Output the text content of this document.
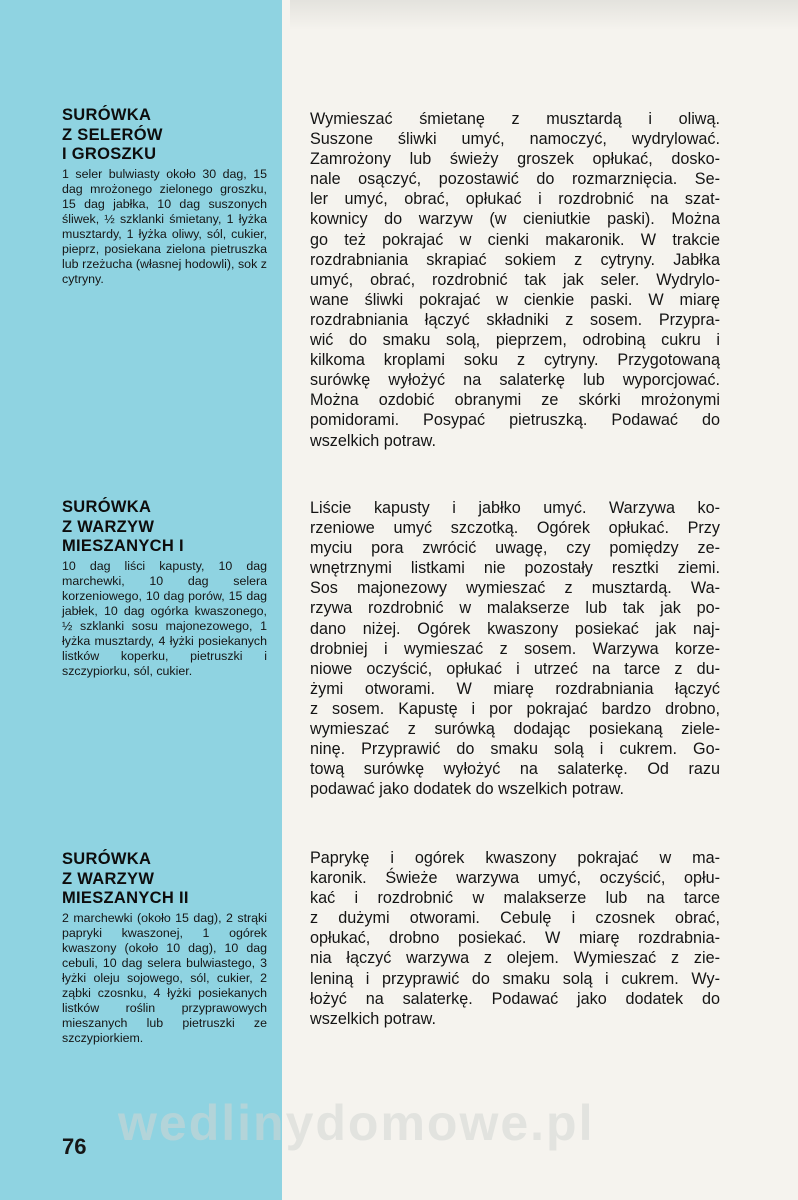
SURÓWKA
Z SELERÓW
I GROSZKU
1 seler bulwiasty około 30 dag, 15 dag mrożonego zielonego groszku, 15 dag jabłka, 10 dag suszonych śliwek, ½ szklanki śmietany, 1 łyżka musztardy, 1 łyżka oliwy, sól, cukier, pieprz, posiekana zielona pietruszka lub rzeżucha (własnej hodowli), sok z cytryny.
Wymieszać śmietanę z musztardą i oliwą.
Suszone śliwki umyć, namoczyć, wydrylować.
Zamrożony lub świeży groszek opłukać, dosko-
nale osączyć, pozostawić do rozmarznięcia. Se-
ler umyć, obrać, opłukać i rozdrobnić na szat-
kownicy do warzyw (w cieniutkie paski). Można
go też pokrajać w cienki makaronik. W trakcie
rozdrabniania skrapiać sokiem z cytryny. Jabłka
umyć, obrać, rozdrobnić tak jak seler. Wydrylo-
wane śliwki pokrajać w cienkie paski. W miarę
rozdrabniania łączyć składniki z sosem. Przypra-
wić do smaku solą, pieprzem, odrobiną cukru i
kilkoma kroplami soku z cytryny. Przygotowaną
surówkę wyłożyć na salaterkę lub wyporcjować.
Można ozdobić obranymi ze skórki mrożonymi
pomidorami. Posypać pietruszką. Podawać do
wszelkich potraw.
SURÓWKA
Z WARZYW
MIESZANYCH I
10 dag liści kapusty, 10 dag marchewki, 10 dag selera korzeniowego, 10 dag porów, 15 dag jabłek, 10 dag ogórka kwaszonego, ½ szklanki sosu majonezowego, 1 łyżka musztardy, 4 łyżki posiekanych listków koperku, pietruszki i szczypiorku, sól, cukier.
Liście kapusty i jabłko umyć. Warzywa ko-
rzeniowe umyć szczotką. Ogórek opłukać. Przy
myciu pora zwrócić uwagę, czy pomiędzy ze-
wnętrznymi listkami nie pozostały resztki ziemi.
Sos majonezowy wymieszać z musztardą. Wa-
rzywa rozdrobnić w malakserze lub tak jak po-
dano niżej. Ogórek kwaszony posiekać jak naj-
drobniej i wymieszać z sosem. Warzywa korze-
niowe oczyścić, opłukać i utrzeć na tarce z du-
żymi otworami. W miarę rozdrabniania łączyć
z sosem. Kapustę i por pokrajać bardzo drobno,
wymieszać z surówką dodając posiekaną ziele-
ninę. Przyprawić do smaku solą i cukrem. Go-
tową surówkę wyłożyć na salaterkę. Od razu
podawać jako dodatek do wszelkich potraw.
SURÓWKA
Z WARZYW
MIESZANYCH II
2 marchewki (około 15 dag), 2 strąki papryki kwaszonej, 1 ogórek kwaszony (około 10 dag), 10 dag cebuli, 10 dag selera bulwiastego, 3 łyżki oleju sojowego, sól, cukier, 2 ząbki czosnku, 4 łyżki posiekanych listków roślin przyprawowych mieszanych lub pietruszki ze szczypiorkiem.
Paprykę i ogórek kwaszony pokrajać w ma-
karonik. Świeże warzywa umyć, oczyścić, opłu-
kać i rozdrobnić w malakserze lub na tarce
z dużymi otworami. Cebulę i czosnek obrać,
opłukać, drobno posiekać. W miarę rozdrabnia-
nia łączyć warzywa z olejem. Wymieszać z zie-
leniną i przyprawić do smaku solą i cukrem. Wy-
łożyć na salaterkę. Podawać jako dodatek do
wszelkich potraw.
wedlinydomowe.pl
76
